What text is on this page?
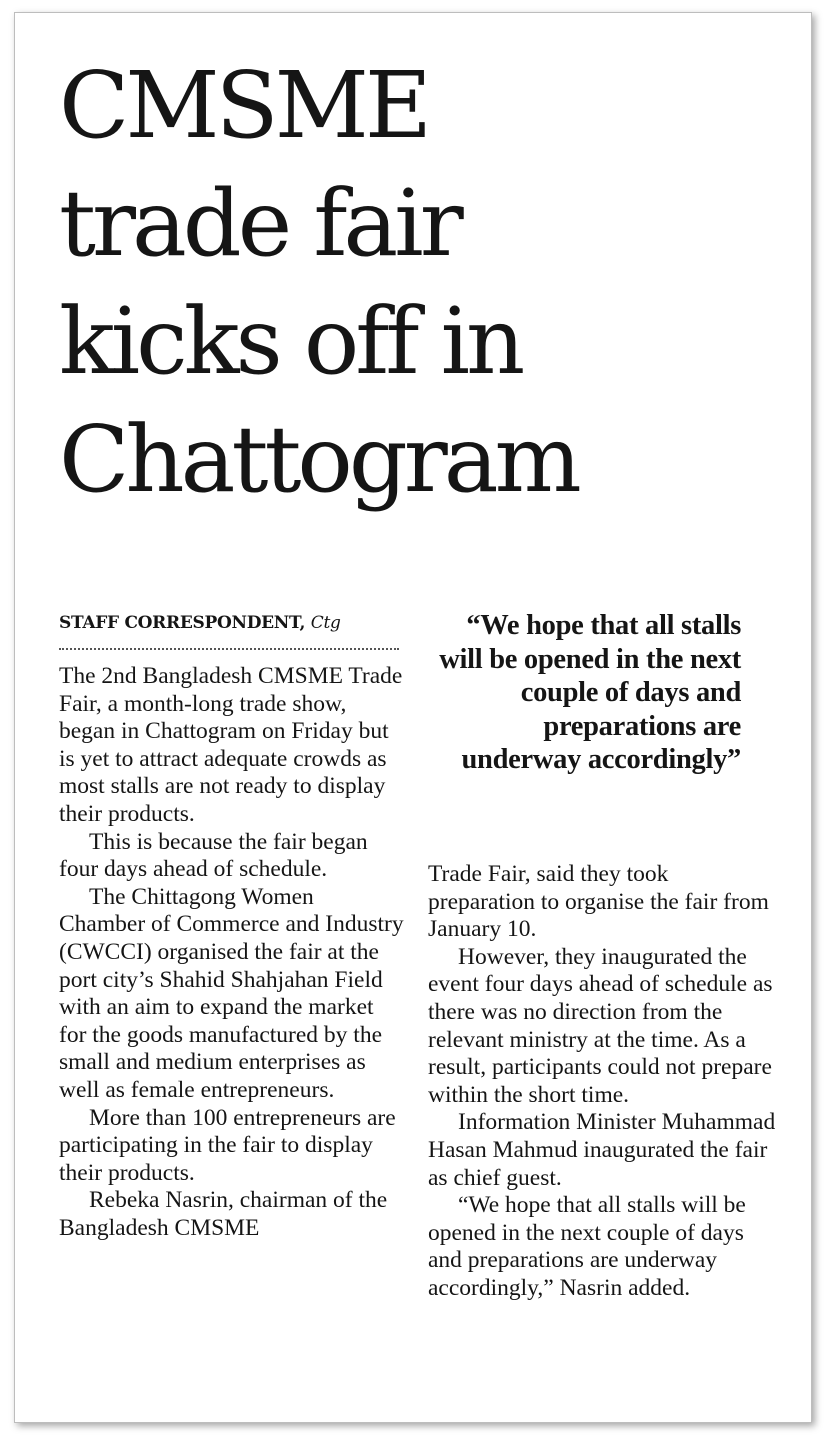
CMSME
trade fair
kicks off in
Chattogram
STAFF CORRESPONDENT, Ctg

The 2nd Bangladesh CMSME Trade Fair, a month-long trade show, began in Chattogram on Friday but is yet to attract adequate crowds as most stalls are not ready to display their products.

This is because the fair began four days ahead of schedule.

The Chittagong Women Chamber of Commerce and Industry (CWCCI) organised the fair at the port city’s Shahid Shahjahan Field with an aim to expand the market for the goods manufactured by the small and medium enterprises as well as female entrepreneurs.

More than 100 entrepreneurs are participating in the fair to display their products.

Rebeka Nasrin, chairman of the Bangladesh CMSME

“We hope that all stalls will be opened in the next couple of days and preparations are underway accordingly”

Trade Fair, said they took preparation to organise the fair from January 10.

However, they inaugurated the event four days ahead of schedule as there was no direction from the relevant ministry at the time. As a result, participants could not prepare within the short time.

Information Minister Muhammad Hasan Mahmud inaugurated the fair as chief guest.

“We hope that all stalls will be opened in the next couple of days and preparations are underway accordingly,” Nasrin added.
